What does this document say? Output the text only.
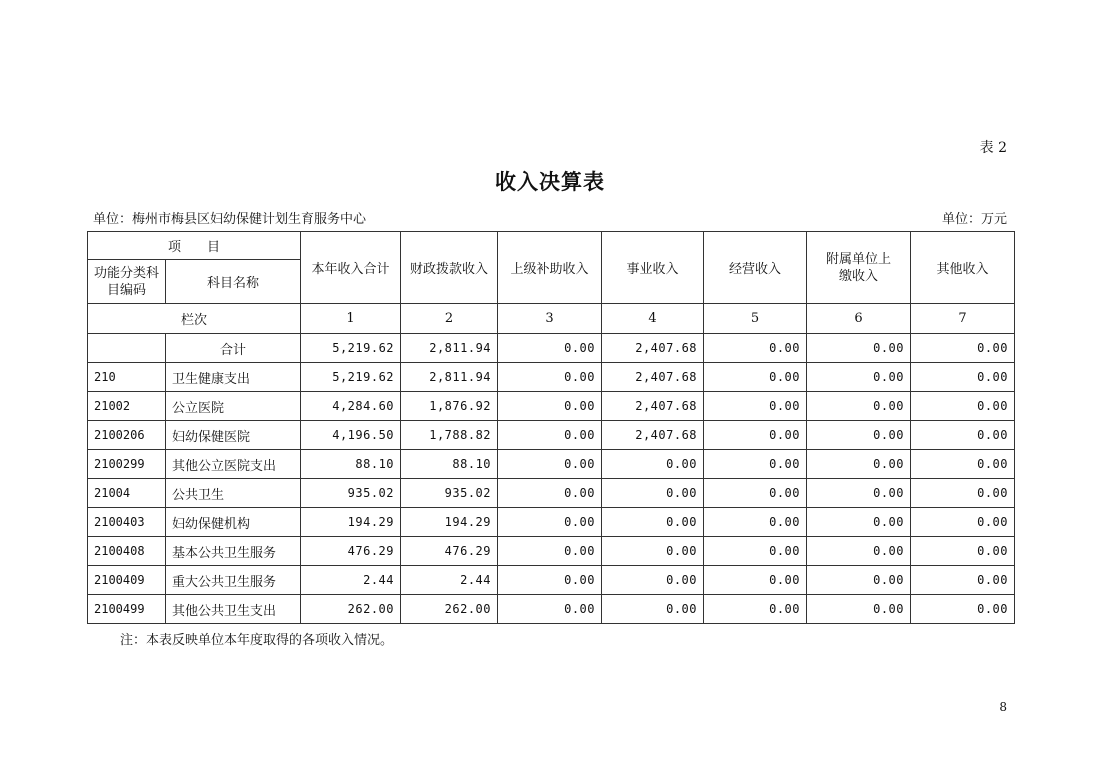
表 2
收入决算表
单位：梅州市梅县区妇幼保健计划生育服务中心	单位：万元
项　　目		本年收入合计	财政拨款收入	上级补助收入	事业收入	经营收入	附属单位上缴收入	其他收入
功能分类科目编码	科目名称							
栏次		1	2	3	4	5	6	7
	合计	5,219.62	2,811.94	0.00	2,407.68	0.00	0.00	0.00
210	卫生健康支出	5,219.62	2,811.94	0.00	2,407.68	0.00	0.00	0.00
21002	公立医院	4,284.60	1,876.92	0.00	2,407.68	0.00	0.00	0.00
2100206	妇幼保健医院	4,196.50	1,788.82	0.00	2,407.68	0.00	0.00	0.00
2100299	其他公立医院支出	88.10	88.10	0.00	0.00	0.00	0.00	0.00
21004	公共卫生	935.02	935.02	0.00	0.00	0.00	0.00	0.00
2100403	妇幼保健机构	194.29	194.29	0.00	0.00	0.00	0.00	0.00
2100408	基本公共卫生服务	476.29	476.29	0.00	0.00	0.00	0.00	0.00
2100409	重大公共卫生服务	2.44	2.44	0.00	0.00	0.00	0.00	0.00
2100499	其他公共卫生支出	262.00	262.00	0.00	0.00	0.00	0.00	0.00
注：本表反映单位本年度取得的各项收入情况。
8
